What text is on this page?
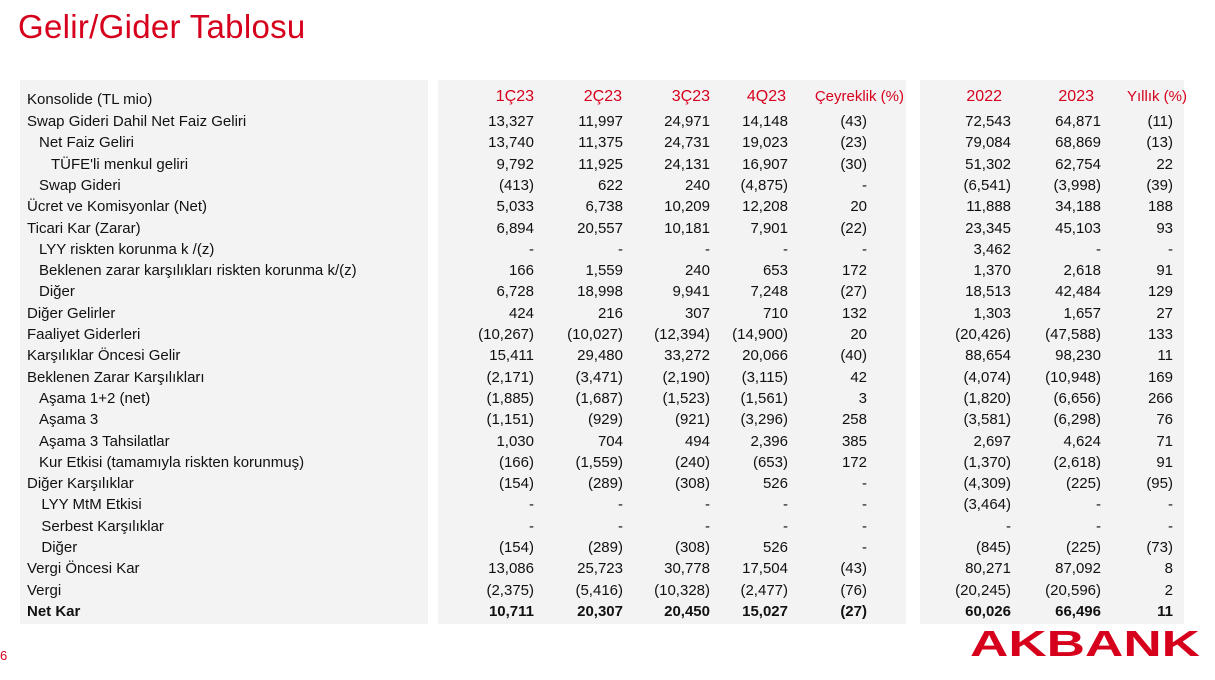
Gelir/Gider Tablosu
Konsolide (TL mio)	1Ç23	2Ç23	3Ç23 4Q23 Çeyreklik (%)	2022	2023 Yıllık (%)
Swap Gideri Dahil Net Faiz Geliri	13,327	11,997	24,971 14,148	(43)	72,543	64,871	(11)
Net Faiz Geliri	13,740	11,375	24,731 19,023	(23)	79,084	68,869	(13)
TÜFE'li menkul geliri	9,792	11,925	24,131 16,907	(30)	51,302	62,754	22
Swap Gideri	(413)	622	240 (4,875)	-	(6,541)	(3,998)	(39)
Ücret ve Komisyonlar (Net)	5,033	6,738	10,209 12,208	20	11,888	34,188	188
Ticari Kar (Zarar)	6,894	20,557	10,181	7,901	(22)	23,345	45,103	93
LYY riskten korunma k /(z)	-	-	-	-	-	3,462	-	-
Beklenen zarar karşılıkları riskten korunma k/(z)	166	1,559	240	653	172	1,370	2,618	91
Diğer	6,728	18,998	9,941	7,248	(27)	18,513	42,484	129
Diğer Gelirler	424	216	307	710	132	1,303	1,657	27
Faaliyet Giderleri	(10,267) (10,027) (12,394) (14,900)	20	(20,426) (47,588)	133
Karşılıklar Öncesi Gelir	15,411	29,480	33,272 20,066	(40)	88,654	98,230	11
Beklenen Zarar Karşılıkları	(2,171)	(3,471)	(2,190) (3,115)	42	(4,074) (10,948)	169
Aşama 1+2 (net)	(1,885)	(1,687)	(1,523) (1,561)	3	(1,820)	(6,656)	266
Aşama 3	(1,151)	(929)	(921) (3,296)	258	(3,581)	(6,298)	76
Aşama 3 Tahsilatlar	1,030	704	494	2,396	385	2,697	4,624	71
Kur Etkisi (tamamıyla riskten korunmuş)	(166)	(1,559)	(240)	(653)	172	(1,370)	(2,618)	91
Diğer Karşılıklar	(154)	(289)	(308)	526	-	(4,309)	(225)	(95)
LYY MtM Etkisi	-	-	-	-	-	(3,464)	-	-
Serbest Karşılıklar	-	-	-	-	-	-	-	-
Diğer	(154)	(289)	(308)	526	-	(845)	(225)	(73)
Vergi Öncesi Kar	13,086	25,723	30,778 17,504	(43)	80,271	87,092	8
Vergi	(2,375)	(5,416) (10,328) (2,477)	(76)	(20,245) (20,596)	2
Net Kar	10,711	20,307	20,450 15,027	(27)	60,026	66,496	11
6	AKBANK
